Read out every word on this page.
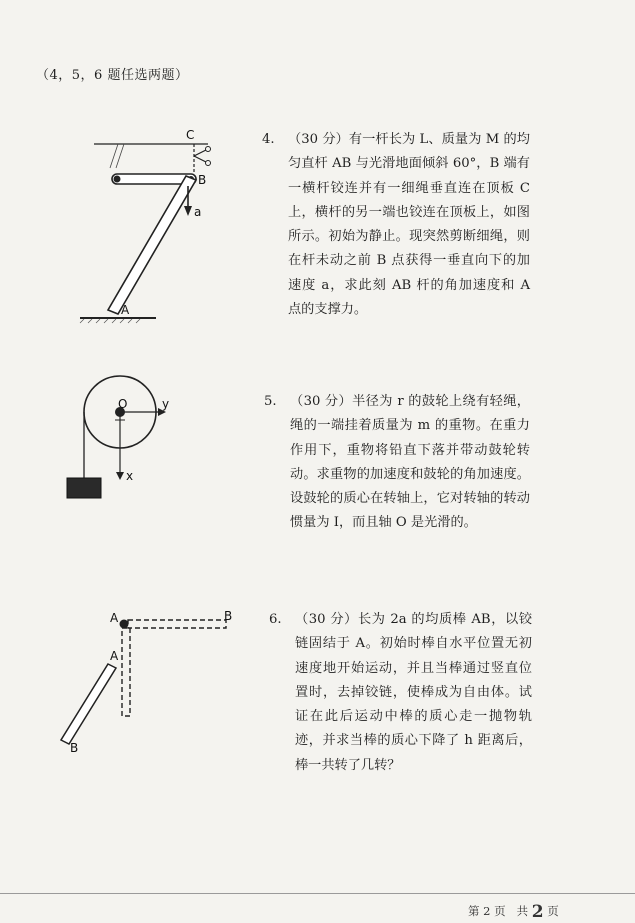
（4，5，6 题任选两题）
C
B
a
A
4. （30 分）有一杆长为 L、质量为 M 的均匀直杆 AB 与光滑地面倾斜 60°，B 端有一横杆铰连并有一细绳垂直连在顶板 C 上，横杆的另一端也铰连在顶板上，如图所示。初始为静止。现突然剪断细绳，则在杆未动之前 B 点获得一垂直向下的加速度 a，求此刻 AB 杆的角加速度和 A 点的支撑力。
O	y
x
5. （30 分）半径为 r 的鼓轮上绕有轻绳，绳的一端挂着质量为 m 的重物。在重力作用下，重物将铅直下落并带动鼓轮转动。求重物的加速度和鼓轮的角加速度。设鼓轮的质心在转轴上，它对转轴的转动惯量为 I，而且轴 O 是光滑的。
A	B
A
B
6. （30 分）长为 2a 的均质棒 AB，以铰链固结于 A。初始时棒自水平位置无初速度地开始运动，并且当棒通过竖直位置时，去掉铰链，使棒成为自由体。试证在此后运动中棒的质心走一抛物轨迹，并求当棒的质心下降了 h 距离后，棒一共转了几转？
第 2 页 共 2 页
